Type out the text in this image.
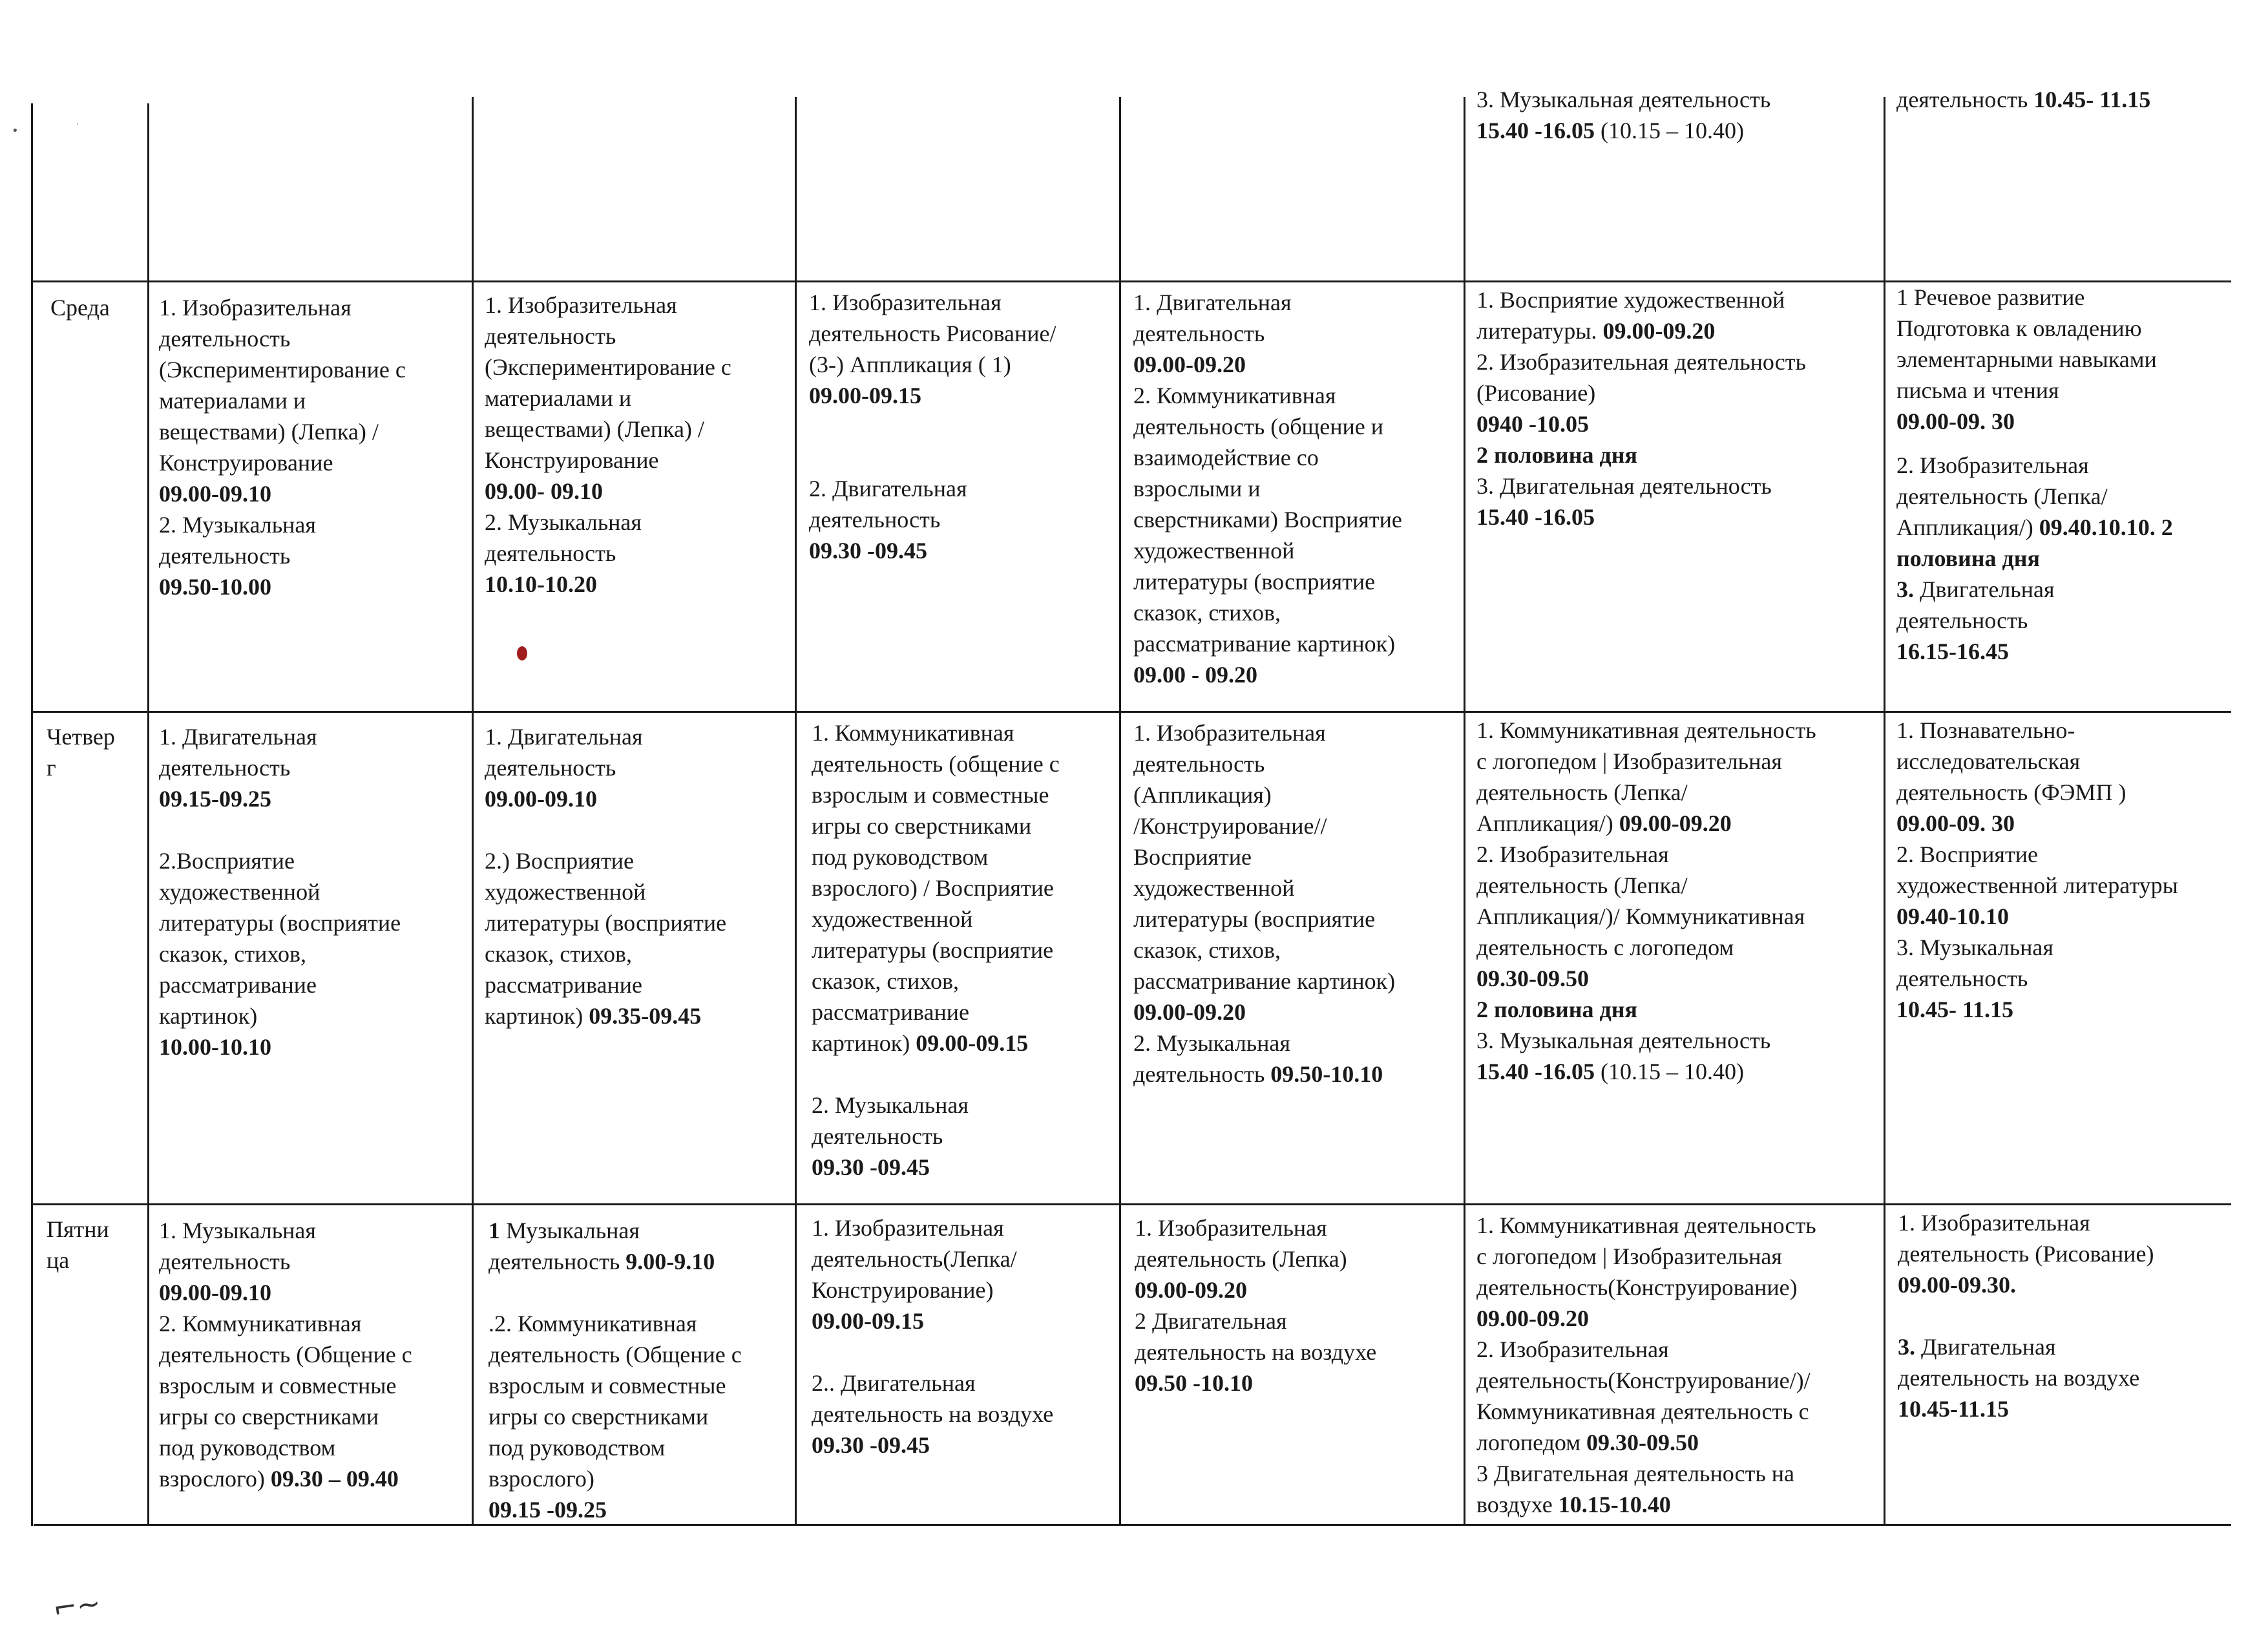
•	·
⌐~
3. Музыкальная деятельность
15.40 -16.05 (10.15 – 10.40)
деятельность 10.45- 11.15
Среда	1. Изобразительная
деятельность
(Экспериментирование с
материалами и
веществами) (Лепка) /
Конструирование
09.00-09.10
2. Музыкальная
деятельность
09.50-10.00
1. Изобразительная
деятельность
(Экспериментирование с
материалами и
веществами) (Лепка) /
Конструирование
09.00- 09.10
2. Музыкальная
деятельность
10.10-10.20
1. Изобразительная
деятельность Рисование/
(3-) Аппликация ( 1)
09.00-09.15
2. Двигательная
деятельность
09.30 -09.45
1. Двигательная
деятельность
09.00-09.20
2. Коммуникативная
деятельность (общение и
взаимодействие со
взрослыми и
сверстниками) Восприятие
художественной
литературы (восприятие
сказок, стихов,
рассматривание картинок)
09.00 - 09.20
1. Восприятие художественной
литературы. 09.00-09.20
2. Изобразительная деятельность
(Рисование)
0940 -10.05
2 половина дня
3. Двигательная деятельность
15.40 -16.05
1 Речевое развитие
Подготовка к овладению
элементарными навыками
письма и чтения
09.00-09. 30
2. Изобразительная
деятельность (Лепка/
Аппликация/) 09.40.10.10. 2
половина дня
3. Двигательная
деятельность
16.15-16.45
Четвер
г
1. Двигательная
деятельность
09.15-09.25
2.Восприятие
художественной
литературы (восприятие
сказок, стихов,
рассматривание
картинок)
10.00-10.10
1. Двигательная
деятельность
09.00-09.10
2.) Восприятие
художественной
литературы (восприятие
сказок, стихов,
рассматривание
картинок) 09.35-09.45
1. Коммуникативная
деятельность (общение с
взрослым и совместные
игры со сверстниками
под руководством
взрослого) / Восприятие
художественной
литературы (восприятие
сказок, стихов,
рассматривание
картинок) 09.00-09.15
2. Музыкальная
деятельность
09.30 -09.45
1. Изобразительная
деятельность
(Аппликация)
/Конструирование//
Восприятие
художественной
литературы (восприятие
сказок, стихов,
рассматривание картинок)
09.00-09.20
2. Музыкальная
деятельность 09.50-10.10
1. Коммуникативная деятельность
с логопедом | Изобразительная
деятельность (Лепка/
Аппликация/) 09.00-09.20
2. Изобразительная
деятельность (Лепка/
Аппликация/)/ Коммуникативная
деятельность с логопедом
09.30-09.50
2 половина дня
3. Музыкальная деятельность
15.40 -16.05 (10.15 – 10.40)
1. Познавательно-
исследовательская
деятельность (ФЭМП )
09.00-09. 30
2. Восприятие
художественной литературы
09.40-10.10
3. Музыкальная
деятельность
10.45- 11.15
Пятни
ца
1. Музыкальная
деятельность
09.00-09.10
2. Коммуникативная
деятельность (Общение с
взрослым и совместные
игры со сверстниками
под руководством
взрослого) 09.30 – 09.40
1 Музыкальная
деятельность 9.00-9.10
.2. Коммуникативная
деятельность (Общение с
взрослым и совместные
игры со сверстниками
под руководством
взрослого)
09.15 -09.25
1. Изобразительная
деятельность(Лепка/
Конструирование)
09.00-09.15
2.. Двигательная
деятельность на воздухе
09.30 -09.45
1. Изобразительная
деятельность (Лепка)
09.00-09.20
2 Двигательная
деятельность на воздухе
09.50 -10.10
1. Коммуникативная деятельность
с логопедом | Изобразительная
деятельность(Конструирование)
09.00-09.20
2. Изобразительная
деятельность(Конструирование/)/
Коммуникативная деятельность с
логопедом 09.30-09.50
3 Двигательная деятельность на
воздухе 10.15-10.40
1. Изобразительная
деятельность (Рисование)
09.00-09.30.
3. Двигательная
деятельность на воздухе
10.45-11.15
